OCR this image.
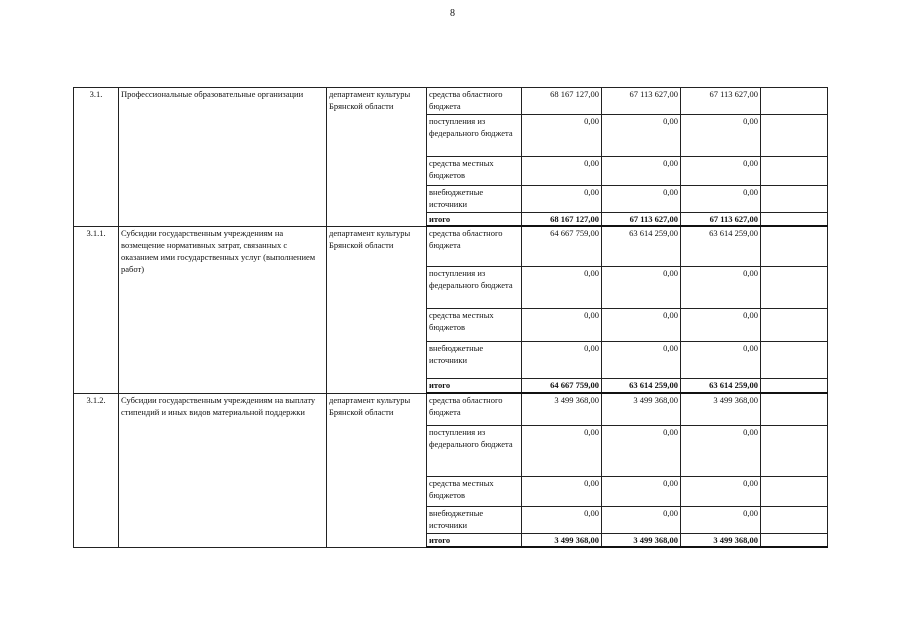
8
3.1.	Профессиональные образовательные организации	департамент культуры Брянской области	средства областного бюджета	68 167 127,00	67 113 627,00	67 113 627,00	
			поступления из федерального бюджета	0,00	0,00	0,00	
			средства местных бюджетов	0,00	0,00	0,00	
			внебюджетные источники	0,00	0,00	0,00	
			итого	68 167 127,00	67 113 627,00	67 113 627,00	
3.1.1.	Субсидии государственным учреждениям на возмещение нормативных затрат, связанных с оказанием ими государственных услуг (выполнением работ)	департамент культуры Брянской области	средства областного бюджета	64 667 759,00	63 614 259,00	63 614 259,00	
			поступления из федерального бюджета	0,00	0,00	0,00	
			средства местных бюджетов	0,00	0,00	0,00	
			внебюджетные источники	0,00	0,00	0,00	
			итого	64 667 759,00	63 614 259,00	63 614 259,00	
3.1.2.	Субсидии государственным учреждениям на выплату стипендий и иных видов материальной поддержки	департамент культуры Брянской области	средства областного бюджета	3 499 368,00	3 499 368,00	3 499 368,00	
			поступления из федерального бюджета	0,00	0,00	0,00	
			средства местных бюджетов	0,00	0,00	0,00	
			внебюджетные источники	0,00	0,00	0,00	
			итого	3 499 368,00	3 499 368,00	3 499 368,00	
